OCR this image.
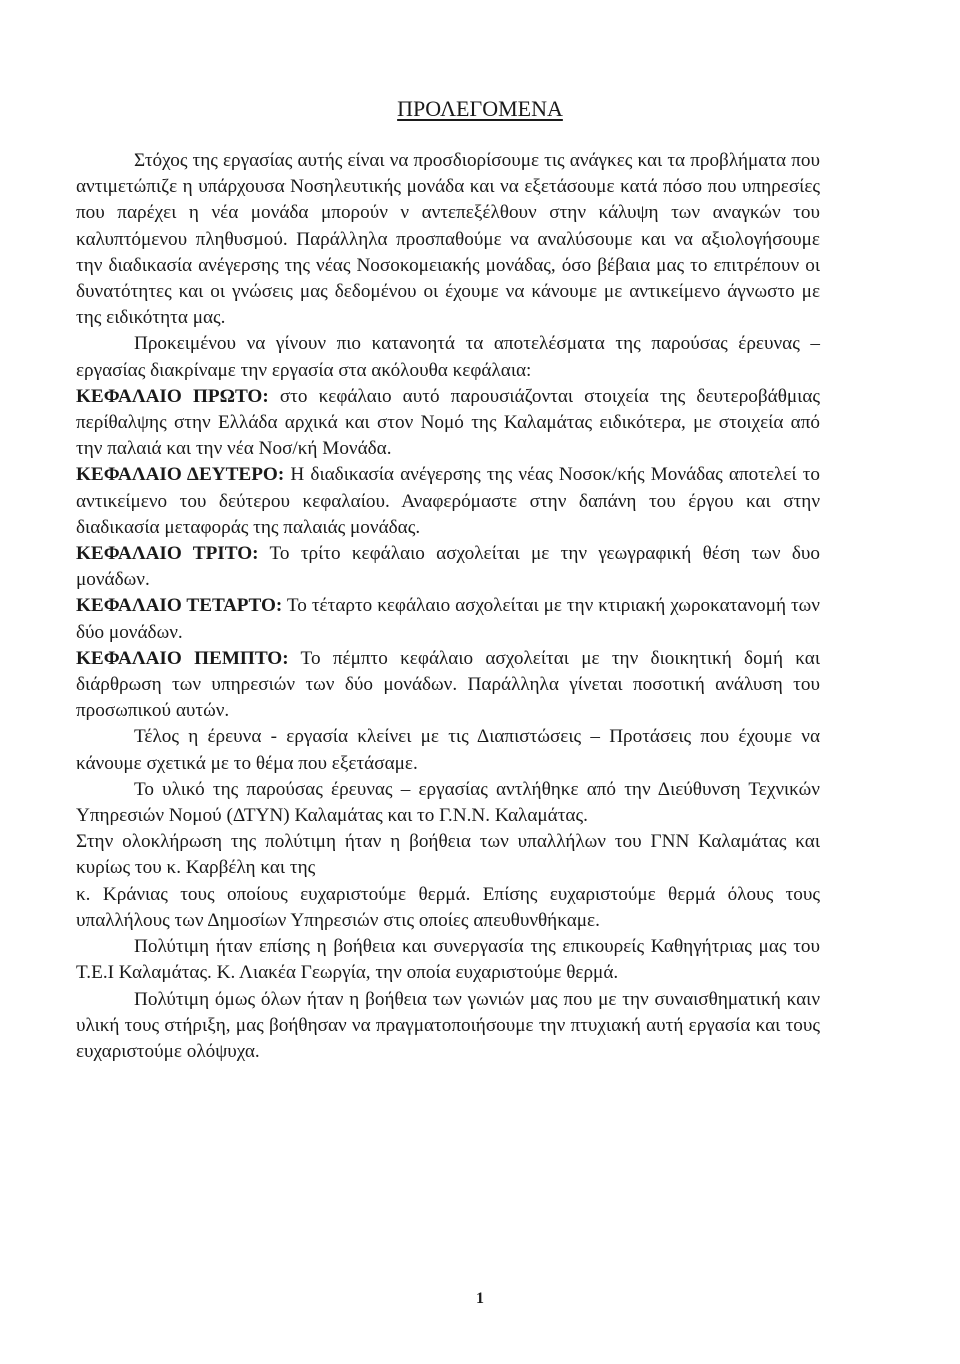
ΠΡΟΛΕΓΟΜΕΝΑ

Στόχος της εργασίας αυτής είναι να προσδιορίσουμε τις ανάγκες και τα προβλήματα που αντιμετώπιζε η υπάρχουσα Νοσηλευτικής μονάδα και να εξετάσουμε κατά πόσο που υπηρεσίες που παρέχει η νέα μονάδα μπορούν ν αντεπεξέλθουν στην κάλυψη των αναγκών του καλυπτόμενου πληθυσμού. Παράλληλα προσπαθούμε να αναλύσουμε και να αξιολογήσουμε την διαδικασία ανέγερσης της νέας Νοσοκομειακής μονάδας, όσο βέβαια μας το επιτρέπουν οι δυνατότητες και οι γνώσεις μας δεδομένου οι έχουμε να κάνουμε με αντικείμενο άγνωστο με της ειδικότητα μας.

Προκειμένου να γίνουν πιο κατανοητά τα αποτελέσματα της παρούσας έρευνας – εργασίας διακρίναμε την εργασία στα ακόλουθα κεφάλαια:

ΚΕΦΑΛΑΙΟ ΠΡΩΤΟ: στο κεφάλαιο αυτό παρουσιάζονται στοιχεία της δευτεροβάθμιας περίθαλψης στην Ελλάδα αρχικά και στον Νομό της Καλαμάτας ειδικότερα, με στοιχεία από την παλαιά και την νέα Νοσ/κή Μονάδα.

ΚΕΦΑΛΑΙΟ ΔΕΥΤΕΡΟ: Η διαδικασία ανέγερσης της νέας Νοσοκ/κής Μονάδας αποτελεί το αντικείμενο του δεύτερου κεφαλαίου. Αναφερόμαστε στην δαπάνη του έργου και στην διαδικασία μεταφοράς της παλαιάς μονάδας.

ΚΕΦΑΛΑΙΟ ΤΡΙΤΟ: Το τρίτο κεφάλαιο ασχολείται με την γεωγραφική θέση των δυο μονάδων.

ΚΕΦΑΛΑΙΟ ΤΕΤΑΡΤΟ: Το τέταρτο κεφάλαιο ασχολείται με την κτιριακή χωροκατανομή των δύο μονάδων.

ΚΕΦΑΛΑΙΟ ΠΕΜΠΤΟ: Το πέμπτο κεφάλαιο ασχολείται με την διοικητική δομή και διάρθρωση των υπηρεσιών των δύο μονάδων. Παράλληλα γίνεται ποσοτική ανάλυση του προσωπικού αυτών.

Τέλος η έρευνα - εργασία κλείνει με τις Διαπιστώσεις – Προτάσεις που έχουμε να κάνουμε σχετικά με το θέμα που εξετάσαμε.

Το υλικό της παρούσας έρευνας – εργασίας αντλήθηκε από την Διεύθυνση Τεχνικών Υπηρεσιών Νομού (ΔΤΥΝ) Καλαμάτας και το Γ.Ν.Ν. Καλαμάτας.

Στην ολοκλήρωση της πολύτιμη ήταν η βοήθεια των υπαλλήλων του ΓΝΝ Καλαμάτας και κυρίως του κ. Καρβέλη και της

κ. Κράνιας τους οποίους ευχαριστούμε θερμά. Επίσης ευχαριστούμε θερμά όλους τους υπαλλήλους των Δημοσίων Υπηρεσιών στις οποίες απευθυνθήκαμε.

Πολύτιμη ήταν επίσης η βοήθεια και συνεργασία της επικουρείς Καθηγήτριας μας του Τ.Ε.Ι Καλαμάτας. Κ. Λιακέα Γεωργία, την οποία ευχαριστούμε θερμά.

Πολύτιμη όμως όλων ήταν η βοήθεια των γωνιών μας που με την συναισθηματική καιν υλική τους στήριξη, μας βοήθησαν να πραγματοποιήσουμε την πτυχιακή αυτή εργασία και τους ευχαριστούμε ολόψυχα.

1
